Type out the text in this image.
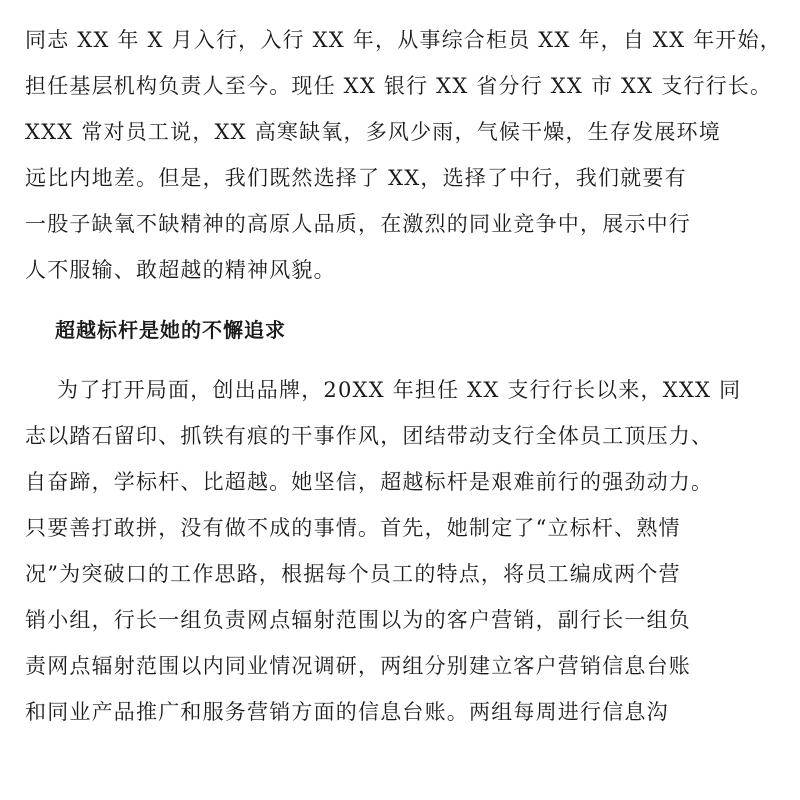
同志 XX 年 X 月入行，入行 XX 年，从事综合柜员 XX 年，自 XX 年开始，
担任基层机构负责人至今。现任 XX 银行 XX 省分行 XX 市 XX 支行行长。
XXX 常对员工说，XX 高寒缺氧，多风少雨，气候干燥，生存发展环境
远比内地差。但是，我们既然选择了 XX，选择了中行，我们就要有
一股子缺氧不缺精神的高原人品质，在激烈的同业竞争中，展示中行
人不服输、敢超越的精神风貌。
超越标杆是她的不懈追求
为了打开局面，创出品牌，20XX 年担任 XX 支行行长以来，XXX 同
志以踏石留印、抓铁有痕的干事作风，团结带动支行全体员工顶压力、
自奋蹄，学标杆、比超越。她坚信，超越标杆是艰难前行的强劲动力。
只要善打敢拼，没有做不成的事情。首先，她制定了“立标杆、熟情
况”为突破口的工作思路，根据每个员工的特点，将员工编成两个营
销小组，行长一组负责网点辐射范围以为的客户营销，副行长一组负
责网点辐射范围以内同业情况调研，两组分别建立客户营销信息台账
和同业产品推广和服务营销方面的信息台账。两组每周进行信息沟
